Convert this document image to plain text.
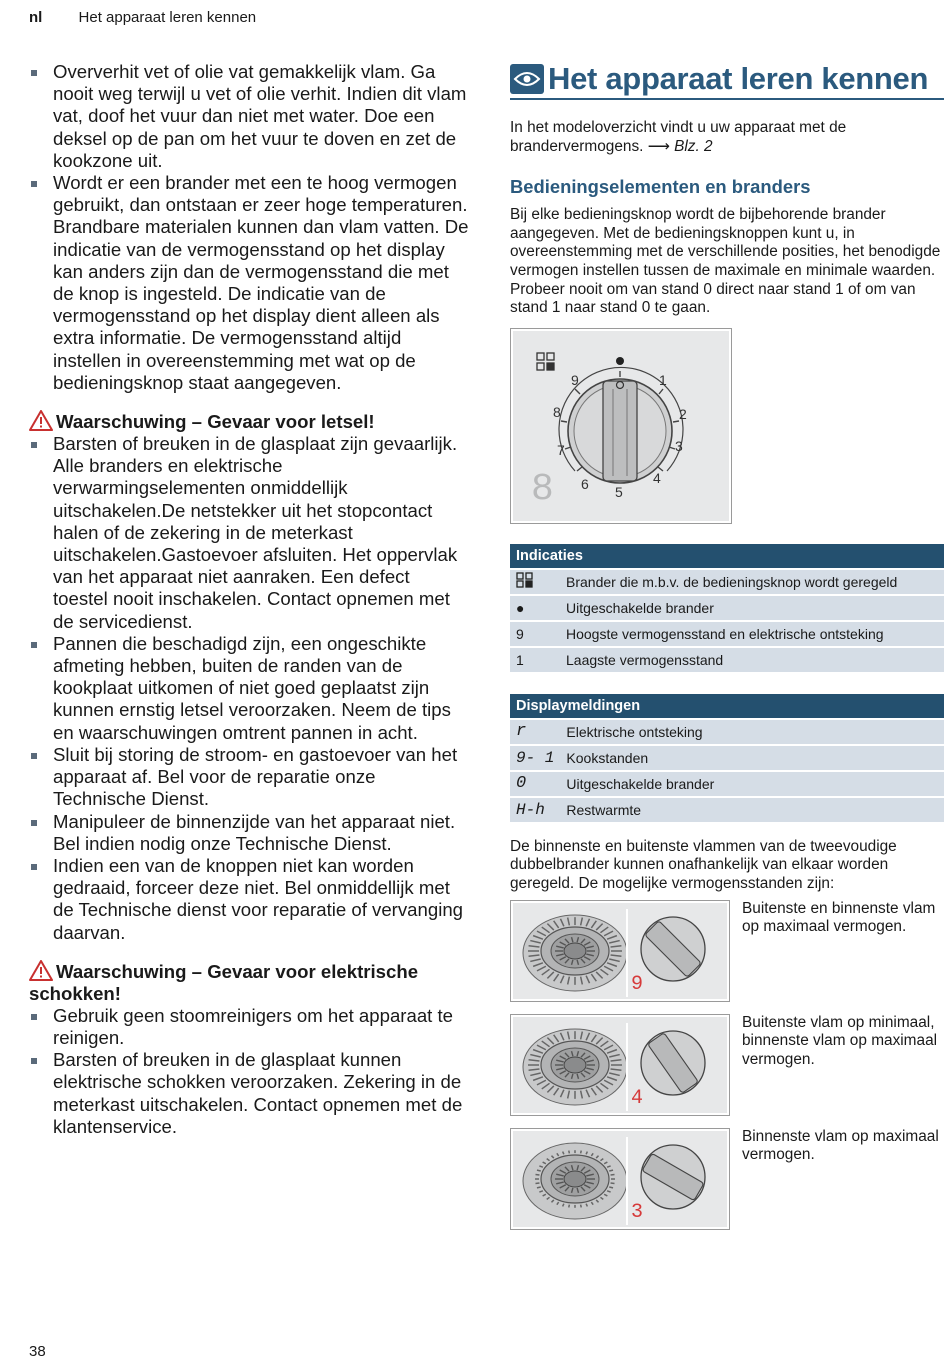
nl Het apparaat leren kennen
Oververhit vet of olie vat gemakkelijk vlam. Ga nooit weg terwijl u vet of olie verhit. Indien dit vlam vat, doof het vuur dan niet met water. Doe een deksel op de pan om het vuur te doven en zet de kookzone uit.
Wordt er een brander met een te hoog vermogen gebruikt, dan ontstaan er zeer hoge temperaturen. Brandbare materialen kunnen dan vlam vatten. De indicatie van de vermogensstand op het display kan anders zijn dan de vermogensstand die met de knop is ingesteld. De indicatie van de vermogensstand op het display dient alleen als extra informatie. De vermogensstand altijd instellen in overeenstemming met wat op de bedieningsknop staat aangegeven.
Waarschuwing – Gevaar voor letsel!
Barsten of breuken in de glasplaat zijn gevaarlijk. Alle branders en elektrische verwarmingselementen onmiddellijk uitschakelen.De netstekker uit het stopcontact halen of de zekering in de meterkast uitschakelen.Gastoevoer afsluiten. Het oppervlak van het apparaat niet aanraken. Een defect toestel nooit inschakelen. Contact opnemen met de servicedienst.
Pannen die beschadigd zijn, een ongeschikte afmeting hebben, buiten de randen van de kookplaat uitkomen of niet goed geplaatst zijn kunnen ernstig letsel veroorzaken. Neem de tips en waarschuwingen omtrent pannen in acht.
Sluit bij storing de stroom- en gastoevoer van het apparaat af. Bel voor de reparatie onze Technische Dienst.
Manipuleer de binnenzijde van het apparaat niet. Bel indien nodig onze Technische Dienst.
Indien een van de knoppen niet kan worden gedraaid, forceer deze niet. Bel onmiddellijk met de Technische dienst voor reparatie of vervanging daarvan.
Waarschuwing – Gevaar voor elektrische schokken!
Gebruik geen stoomreinigers om het apparaat te reinigen.
Barsten of breuken in de glasplaat kunnen elektrische schokken veroorzaken. Zekering in de meterkast uitschakelen. Contact opnemen met de klantenservice.
Het apparaat leren kennen
In het modeloverzicht vindt u uw apparaat met de brandervermogens. ⟶ Blz. 2
Bedieningselementen en branders
Bij elke bedieningsknop wordt de bijbehorende brander aangegeven. Met de bedieningsknoppen kunt u, in overeenstemming met de verschillende posities, het benodigde vermogen instellen tussen de maximale en minimale waarden. Probeer nooit om van stand 0 direct naar stand 1 of om van stand 1 naar stand 0 te gaan.
1
2
3
4
5
6
7
8
9
8
Indicaties	
	Brander die m.b.v. de bedieningsknop wordt geregeld
●	Uitgeschakelde brander
9	Hoogste vermogensstand en elektrische ontsteking
1	Laagste vermogensstand
Displaymeldingen	
r	Elektrische ontsteking
9- 1	Kookstanden
0	Uitgeschakelde brander
H-h	Restwarmte
De binnenste en buitenste vlammen van de tweevoudige dubbelbrander kunnen onafhankelijk van elkaar worden geregeld. De mogelijke vermogensstanden zijn:
9
Buitenste en binnenste vlam op maximaal vermogen.
4
Buitenste vlam op minimaal, binnenste vlam op maximaal vermogen.
3
Binnenste vlam op maximaal vermogen.
38
